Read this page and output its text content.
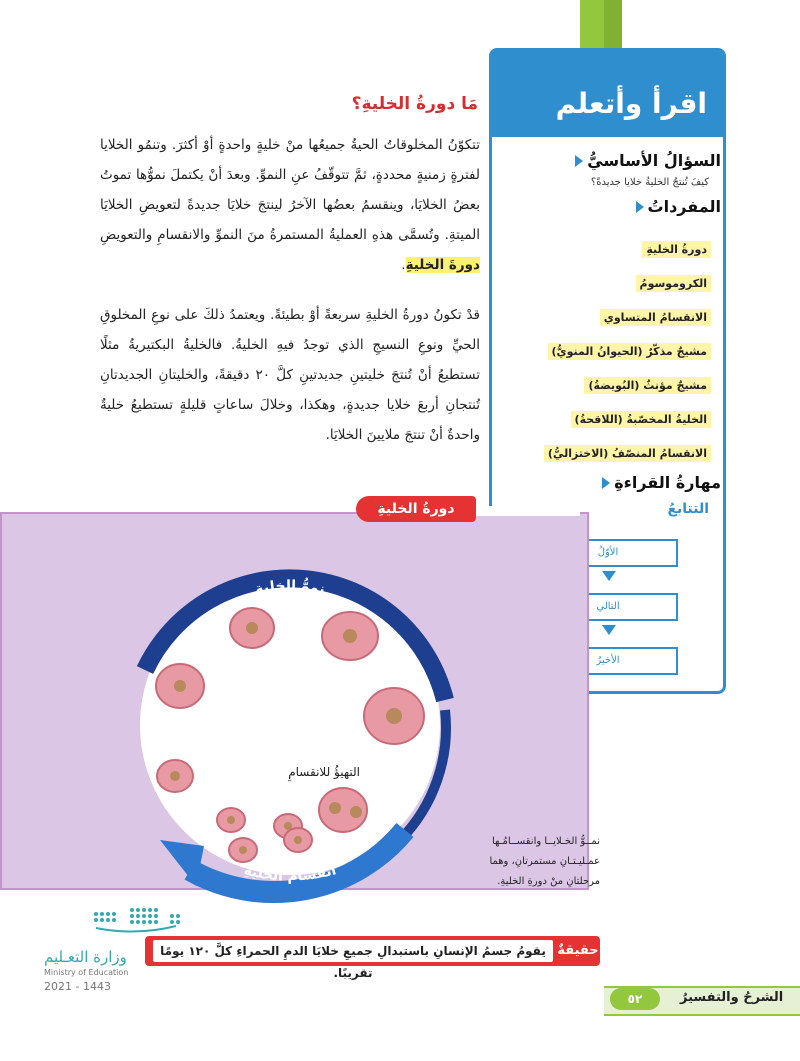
اقرأ وأتعلم
السؤالُ الأساسيُّ
كيفَ تُنتجُ الخليةُ خلايا جديدةً؟
المفرداتُ
دورةُ الخليةِ
الكروموسومُ
الانقسامُ المتساوي
مشيجٌ مذكّرٌ (الحيوانُ المنويُّ)
مشيجٌ مؤنثٌ (البُويضةُ)
الخليةُ المخصّبةُ (اللاقحةُ)
الانقسامُ المنصّفُ (الاختزاليُّ)
مهارةُ القراءةِ
التتابعُ
الأوّلُ
التالي
الأخيرُ
مَا دورةُ الخليةِ؟
تتكوّنُ المخلوقاتُ الحيةُ جميعُها منْ خليةٍ واحدةٍ أوْ أكثرَ. وتنمُو الخلايا لفترةٍ زمنيةٍ محددةٍ، ثمَّ تتوقّفُ عنِ النموِّ. وبعدَ أنْ يكتملَ نموُّها تموتُ بعضُ الخلايَا، وينقسمُ بعضُها الآخرُ لينتجَ خلايَا جديدةً لتعويضِ الخلايَا الميتةِ. وتُسمَّى هذهِ العمليةُ المستمرةُ منَ النموِّ والانقسامِ والتعويضِ دورةَ الخليةِ.
قدْ تكونُ دورةُ الخليةِ سريعةً أوْ بطيئةً. ويعتمدُ ذلكَ على نوعِ المخلوقِ الحيِّ ونوعِ النسيجِ الذي توجدُ فيهِ الخليةُ. فالخليةُ البكتيريةُ مثلًا تستطيعُ أنْ تُنتجَ خليتينِ جديدتينِ كلَّ ٢٠ دقيقةً، والخليتانِ الجديدتانِ تُنتجانِ أربعَ خلايا جديدةٍ، وهكذا، وخلالَ ساعاتٍ قليلةٍ تستطيعُ خليةٌ واحدةٌ أنْ تنتجَ ملايينَ الخلايَا.
دورةُ الخليةِ
نموُّ الخليةِ
انقسامُ الخليةِ
التهيؤُ للانقسامِ
نمــوُّ الخـلايــا وانقســامُـها عمـليـتـانِ مستمرتانِ، وهما مرحلتانِ منْ دورةِ الخليةِ.
وزارة التعـليم
Ministry of Education
2021 - 1443
يقومُ جسمُ الإنسانِ باستبدالِ جميعِ خلايَا الدمِ الحمراءِ كلَّ ١٢٠ يومًا تقريبًا.
حقيقةٌ
الشرحُ والتفسيرُ
٥٢
